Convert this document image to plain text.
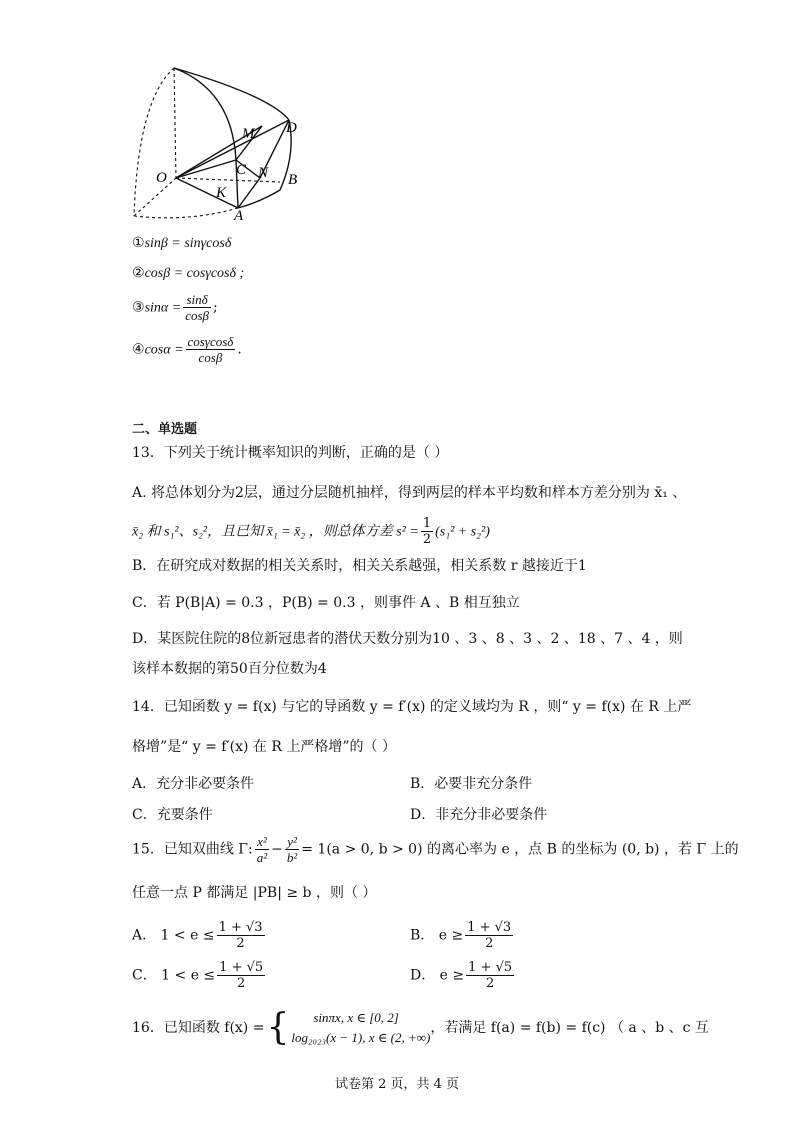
O
M D
C N B
K
A
①sinβ = sinγcosδ
②cosβ = cosγcosδ ;
③sinα = $\frac{\sin\delta}{\cos\beta}$ ;
④cosα = $\frac{\cos\gamma\cos\delta}{\cos\beta}$ .
二、单选题
13．下列关于统计概率知识的判断，正确的是（ ）
A. 将总体划分为2层，通过分层随机抽样，得到两层的样本平均数和样本方差分别为 x̄₁ 、
x̄₂ 和 s₁²、s₂²，且已知 x̄₁ = x̄₂ ，则总体方差 $s^2 = \frac{1}{2} (s_1^2 + s_2^2)$
B．在研究成对数据的相关关系时，相关关系越强，相关系数 r 越接近于1
C．若 P(B|A) = 0.3 ，P(B) = 0.3 ，则事件 A 、B 相互独立
D．某医院住院的8位新冠患者的潜伏天数分别为10 、3 、8 、3 、2 、18 、7 、4 ，则
该样本数据的第50百分位数为4
14．已知函数 y = f(x) 与它的导函数 y = f′(x) 的定义域均为 R ，则“ y = f(x) 在 R 上严
格增”是“ y = f′(x) 在 R 上严格增”的（ ）
A．充分非必要条件	B．必要非充分条件
C．充要条件	D．非充分非必要条件
15．已知双曲线 Γ: $\frac{\text{x²}}{\text{a²}} - \frac{\text{y²}}{\text{b²}} = 1(a > 0$, b > 0) 的离心率为 e ，点 B 的坐标为 (0, b) ，若 Γ 上的
任意一点 P 都满足 |PB| ≥ b ，则（ ）
A． $1 < e \le \frac{1 + √3}{2}$	B． $e \ge \frac{1 + √3}{2}$
C． $1 < e \le \frac{1 + √5}{2}$	D． $e \ge \frac{1 + √5}{2}$
16．已知函数 f(x) ={	sinπx, x ∈ [0, 2]
log₂₀₂₃(x − 1), x ∈ (2, +∞)
，若满足 f(a) = f(b) = f(c) （ a 、b 、c 互
试卷第 2 页，共 4 页
